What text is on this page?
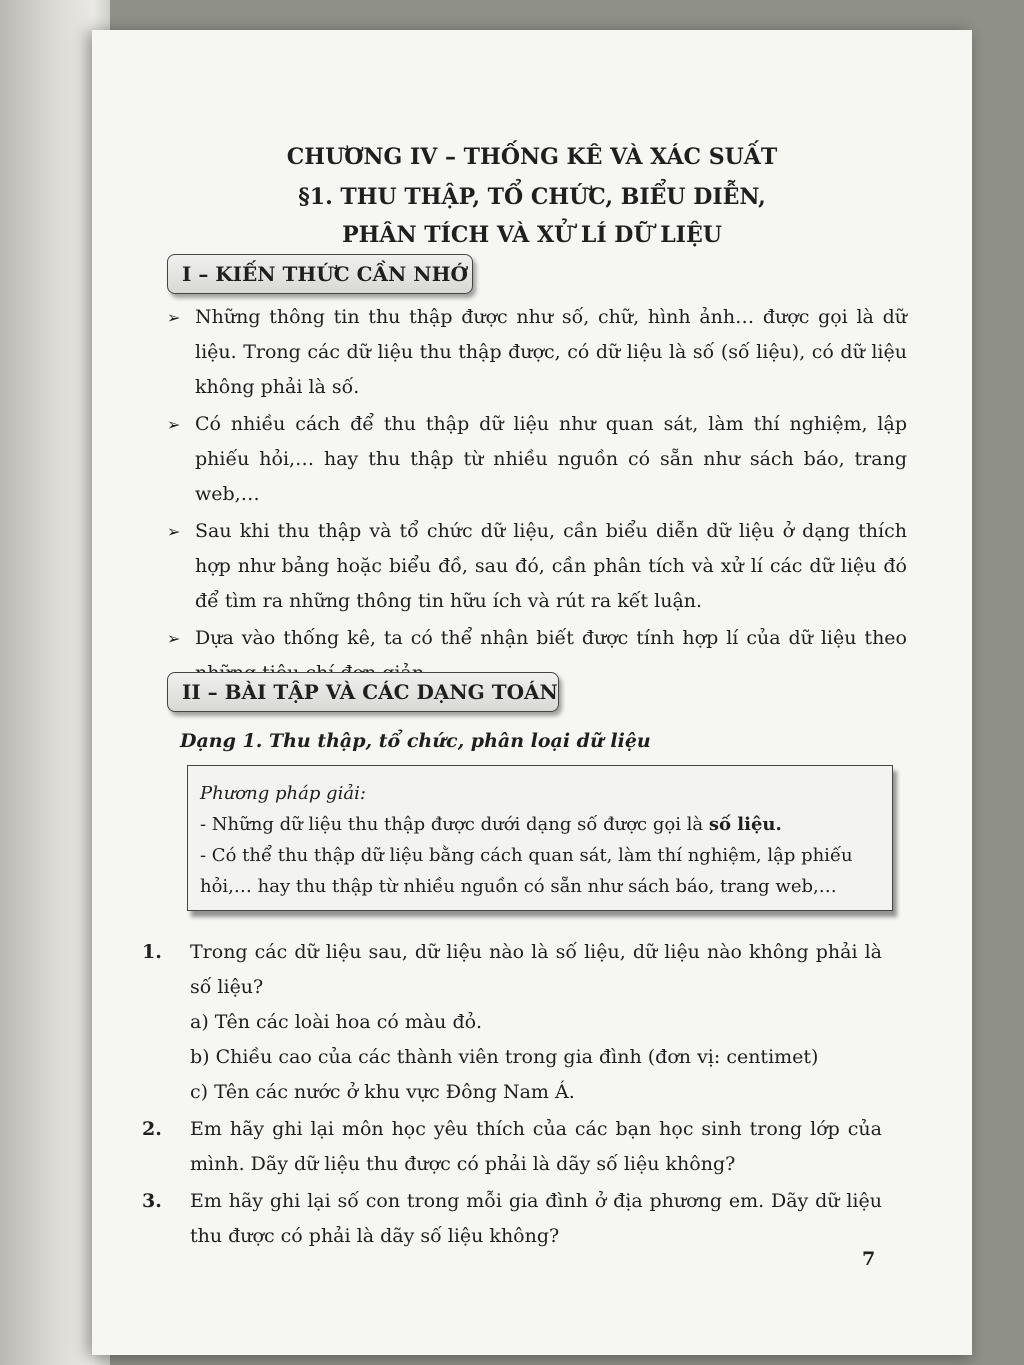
CHƯƠNG IV – THỐNG KÊ VÀ XÁC SUẤT
§1. THU THẬP, TỔ CHỨC, BIỂU DIỄN,
PHÂN TÍCH VÀ XỬ LÍ DỮ LIỆU
I – KIẾN THỨC CẦN NHỚ
➢ Những thông tin thu thập được như số, chữ, hình ảnh… được gọi là dữ liệu. Trong các dữ liệu thu thập được, có dữ liệu là số (số liệu), có dữ liệu không phải là số.
➢ Có nhiều cách để thu thập dữ liệu như quan sát, làm thí nghiệm, lập phiếu hỏi,… hay thu thập từ nhiều nguồn có sẵn như sách báo, trang web,…
➢ Sau khi thu thập và tổ chức dữ liệu, cần biểu diễn dữ liệu ở dạng thích hợp như bảng hoặc biểu đồ, sau đó, cần phân tích và xử lí các dữ liệu đó để tìm ra những thông tin hữu ích và rút ra kết luận.
➢ Dựa vào thống kê, ta có thể nhận biết được tính hợp lí của dữ liệu theo
II – BÀI TẬP VÀ CÁC DẠNG TOÁN
Dạng 1. Thu thập, tổ chức, phân loại dữ liệu
Phương pháp giải:
- Những dữ liệu thu thập được dưới dạng số được gọi là số liệu.
- Có thể thu thập dữ liệu bằng cách quan sát, làm thí nghiệm, lập phiếu hỏi,… hay thu thập từ nhiều nguồn có sẵn như sách báo, trang web,…
1. Trong các dữ liệu sau, dữ liệu nào là số liệu, dữ liệu nào không phải là số liệu?
a) Tên các loài hoa có màu đỏ.
b) Chiều cao của các thành viên trong gia đình (đơn vị: centimet)
c) Tên các nước ở khu vực Đông Nam Á.
2. Em hãy ghi lại môn học yêu thích của các bạn học sinh trong lớp của mình. Dãy dữ liệu thu được có phải là dãy số liệu không?
3. Em hãy ghi lại số con trong mỗi gia đình ở địa phương em. Dãy dữ liệu thu được có phải là dãy số liệu không?
7
